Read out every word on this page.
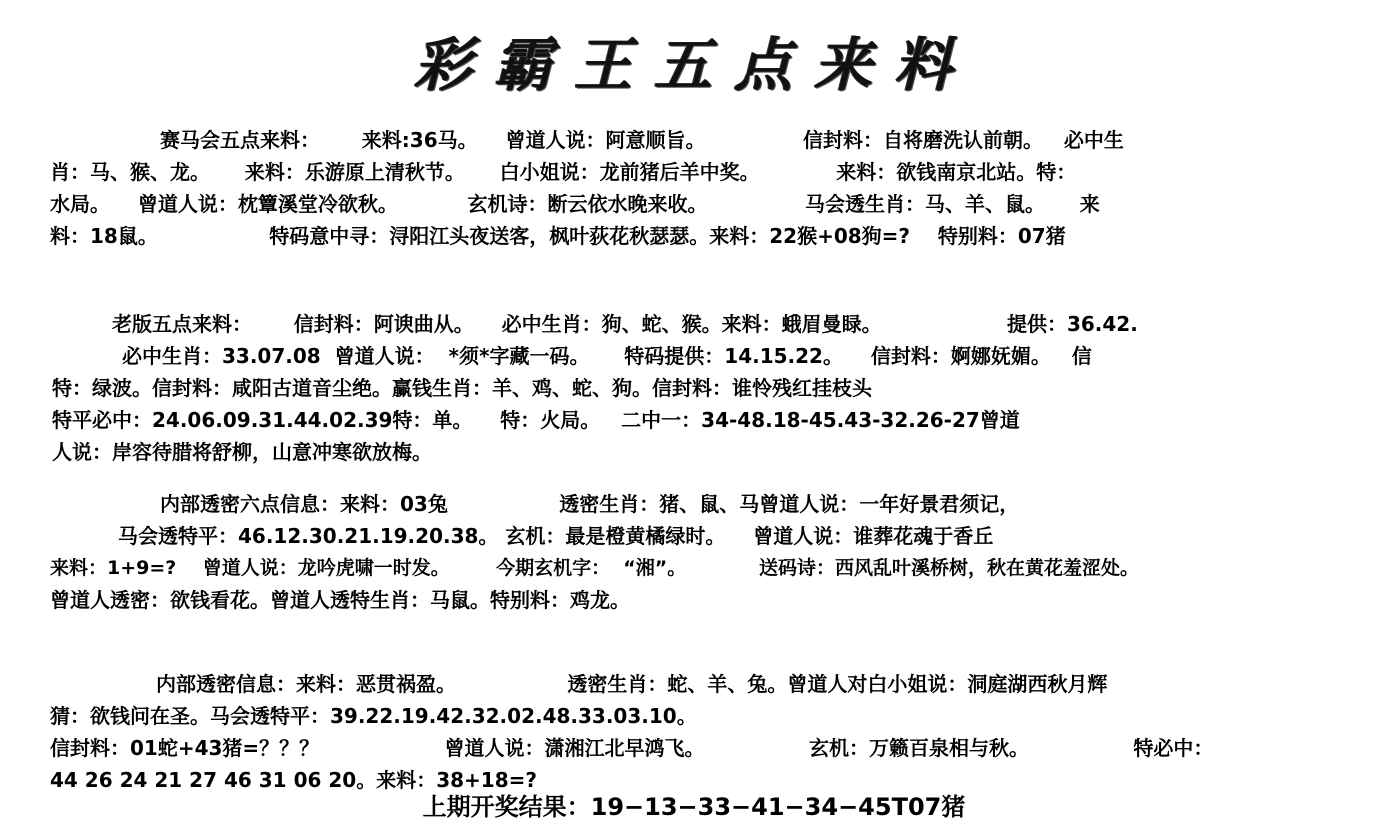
彩霸王五点来料
赛马会五点来料：      来料:36马。    曾道人说：阿意顺旨。              信封料：自将磨洗认前朝。   必中生
肖：马、猴、龙。     来料：乐游原上清秋节。     白小姐说：龙前猪后羊中奖。           来料：欲钱南京北站。特：
水局。    曾道人说：枕簟溪堂冷欲秋。          玄机诗：断云依水晚来收。              马会透生肖：马、羊、鼠。     来
料：18鼠。                特码意中寻：浔阳江头夜送客，枫叶荻花秋瑟瑟。来料：22猴+08狗=?    特别料：07猪
老版五点来料：      信封料：阿谀曲从。    必中生肖：狗、蛇、猴。来料：蛾眉曼睩。                  提供：36.42.
必中生肖：33.07.08  曾道人说：  *须*字藏一码。     特码提供：14.15.22。    信封料：婀娜妩媚。   信
特：绿波。信封料：咸阳古道音尘绝。赢钱生肖：羊、鸡、蛇、狗。信封料：谁怜残红挂枝头
特平必中：24.06.09.31.44.02.39特：单。    特：火局。   二中一：34-48.18-45.43-32.26-27曾道
人说：岸容待腊将舒柳，山意冲寒欲放梅。
内部透密六点信息：来料：03兔                透密生肖：猪、鼠、马曾道人说：一年好景君须记，
马会透特平：46.12.30.21.19.20.38。 玄机：最是橙黄橘绿时。    曾道人说：谁葬花魂于香丘
来料：1+9=?    曾道人说：龙吟虎啸一时发。       今期玄机字：  “湘”。           送码诗：西风乱叶溪桥树，秋在黄花羞涩处。
曾道人透密：欲钱看花。曾道人透特生肖：马鼠。特别料：鸡龙。
内部透密信息：来料：恶贯祸盈。                透密生肖：蛇、羊、兔。曾道人对白小姐说：洞庭湖西秋月辉
猜：欲钱问在圣。马会透特平：39.22.19.42.32.02.48.33.03.10。
信封料：01蛇+43猪=？？？                  曾道人说：潇湘江北早鸿飞。               玄机：万籁百泉相与秋。               特必中：
44 26 24 21 27 46 31 06 20。来料：38+18=?
上期开奖结果：19−13−33−41−34−45T07猪
